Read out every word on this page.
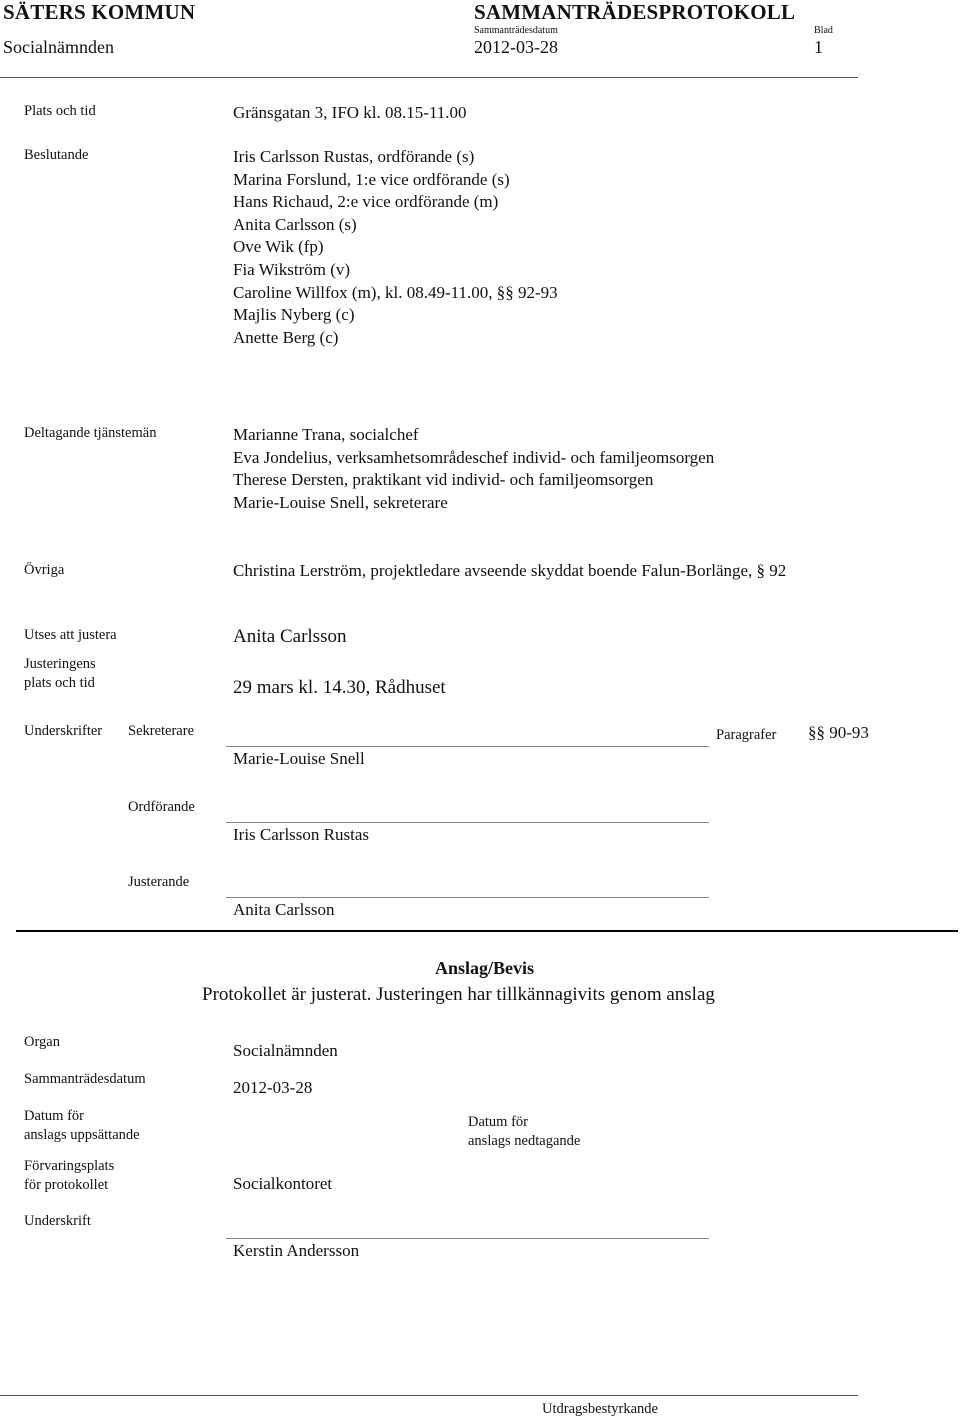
SÄTERS KOMMUN	SAMMANTRÄDESPROTOKOLL
Sammanträdesdatum	Blad
Socialnämnden	2012-03-28	1
Plats och tid	Gränsgatan 3, IFO kl. 08.15-11.00
Beslutande	Iris Carlsson Rustas, ordförande (s)
Marina Forslund, 1:e vice ordförande (s)
Hans Richaud, 2:e vice ordförande (m)
Anita Carlsson (s)
Ove Wik (fp)
Fia Wikström (v)
Caroline Willfox (m), kl. 08.49-11.00, §§ 92-93
Majlis Nyberg (c)
Anette Berg (c)
Deltagande tjänstemän	Marianne Trana, socialchef
Eva Jondelius, verksamhetsområdeschef individ- och familjeomsorgen
Therese Dersten, praktikant vid individ- och familjeomsorgen
Marie-Louise Snell, sekreterare
Övriga	Christina Lerström, projektledare avseende skyddat boende Falun-Borlänge, § 92
Utses att justera	Anita Carlsson
Justeringens
plats och tid	29 mars kl. 14.30, Rådhuset
Underskrifter Sekreterare
Marie-Louise Snell
Paragrafer §§ 90-93
Ordförande
Iris Carlsson Rustas
Justerande
Anita Carlsson
Anslag/Bevis
Protokollet är justerat. Justeringen har tillkännagivits genom anslag
Organ	Socialnämnden
Sammanträdesdatum	2012-03-28
Datum för
anslags uppsättande
Datum för
anslags nedtagande
Förvaringsplats
för protokollet	Socialkontoret
Underskrift
Kerstin Andersson
Utdragsbestyrkande
